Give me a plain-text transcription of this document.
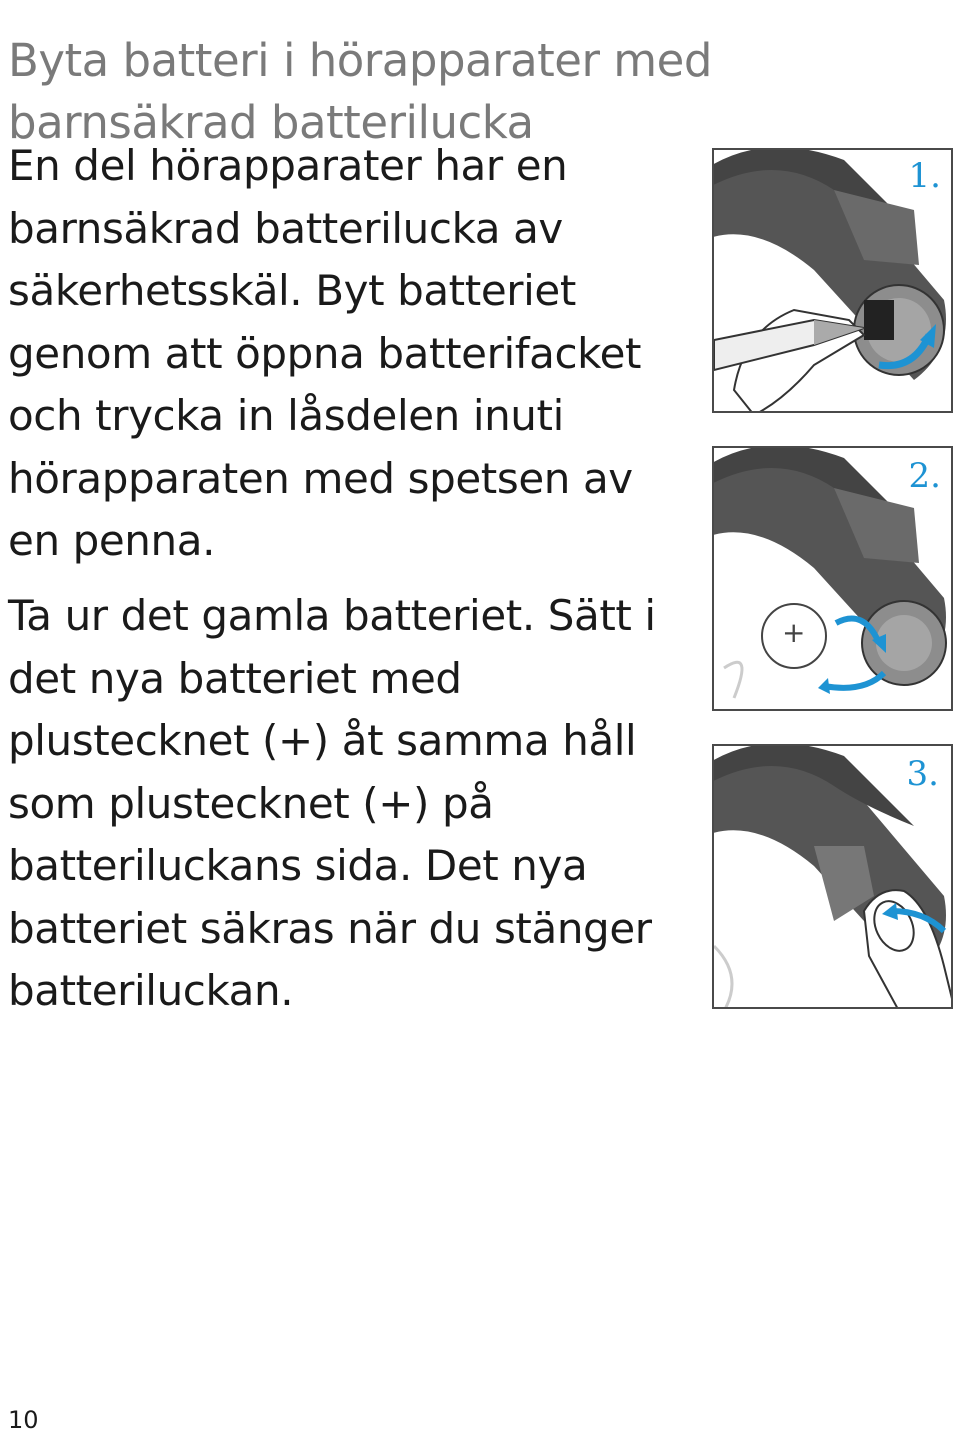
Byta batteri i hörapparater med barnsäkrad batterilucka

En del hörapparater har en barnsäkrad batterilucka av säkerhetsskäl. Byt batteriet genom att öppna batterifacket och trycka in låsdelen inuti hörapparaten med spetsen av en penna.

Ta ur det gamla batteriet. Sätt i det nya batteriet med plustecknet (+) åt samma håll som plustecknet (+) på batteriluckans sida. Det nya batteriet säkras när du stänger batteriluckan.

1.
+
2.
3.
10
